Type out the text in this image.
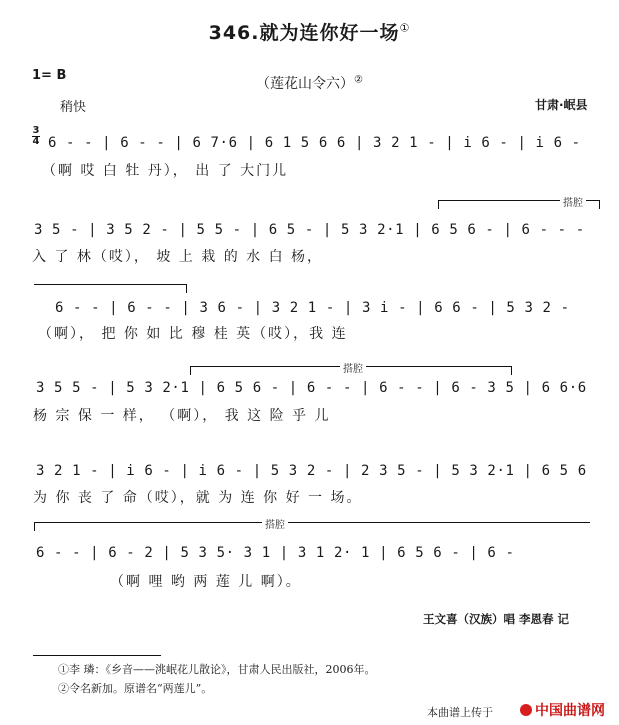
346.就为连你好一场①
1= B
（莲花山令六）②
稍快	甘肃·岷县
3
4 6 - - | 6 - - | 6 7·6 | 6 1 5 6 6 | 3 2 1 - | i 6 - | i 6 -
（啊 哎 白 牡 丹）， 出 了 大门儿
搭腔
3 5 - | 3 5 2 - | 5 5 - | 6 5 - | 5 3 2·1 | 6 5 6 - | 6 - - -
入 了 林（哎）， 坡 上 栽 的 水 白 杨，
6 - - | 6 - - | 3 6 - | 3 2 1 - | 3 i - | 6 6 - | 5 3 2 -
（啊）， 把 你 如 比 穆 桂 英（哎），我 连
搭腔
3 5 5 - | 5 3 2·1 | 6 5 6 - | 6 - - | 6 - - | 6 - 3 5 | 6 6·6
杨 宗 保 一 样， （啊）， 我 这 险 乎 儿
3 2 1 - | i 6 - | i 6 - | 5 3 2 - | 2 3 5 - | 5 3 2·1 | 6 5 6
为 你 丧 了 命（哎），就 为 连 你 好 一 场。
搭腔
6 - - | 6 - 2 | 5 3 5· 3 1 | 3 1 2· 1 | 6 5 6 - | 6 -
（啊 哩 哟 两 莲 儿 啊）。
王文喜（汉族）唱 李恩春 记
①李 璘：《乡音——洮岷花儿散论》，甘肃人民出版社，2006年。
②令名新加。原谱名“两莲儿”。
本曲谱上传于	中国曲谱网
